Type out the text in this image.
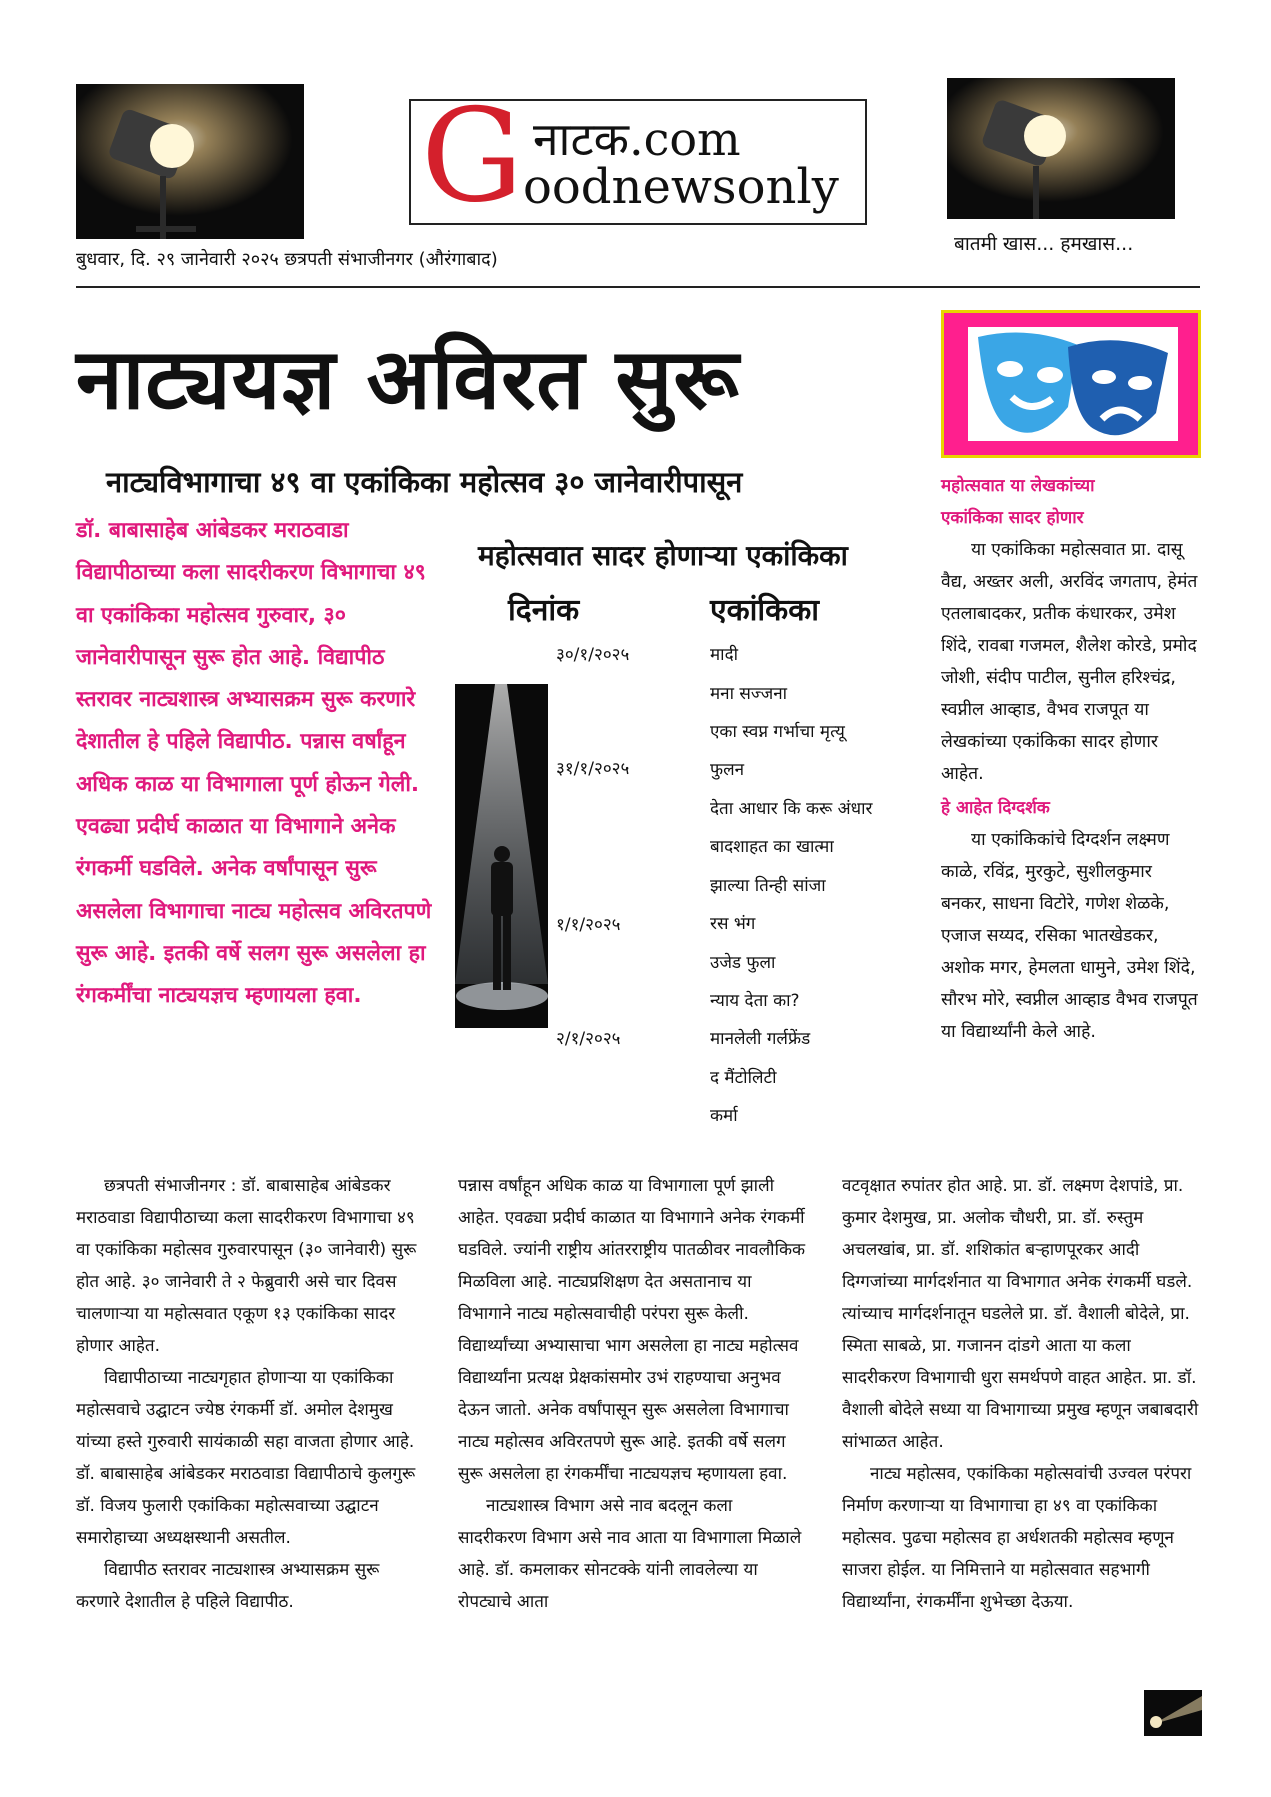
G नाटक.com
oodnewsonly
बुधवार, दि. २९ जानेवारी २०२५ छत्रपती संभाजीनगर (औरंगाबाद)
बातमी खास... हमखास...
नाट्ययज्ञ अविरत सुरू
नाट्यविभागाचा ४९ वा एकांकिका महोत्सव ३० जानेवारीपासून
डॉ. बाबासाहेब आंबेडकर मराठवाडा विद्यापीठाच्या कला सादरीकरण विभागाचा ४९ वा एकांकिका महोत्सव गुरुवार, ३० जानेवारीपासून सुरू होत आहे. विद्यापीठ स्तरावर नाट्यशास्त्र अभ्यासक्रम सुरू करणारे देशातील हे पहिले विद्यापीठ. पन्नास वर्षांहून अधिक काळ या विभागाला पूर्ण होऊन गेली. एवढ्या प्रदीर्घ काळात या विभागाने अनेक रंगकर्मी घडविले. अनेक वर्षांपासून सुरू असलेला विभागाचा नाट्य महोत्सव अविरतपणे सुरू आहे. इतकी वर्षे सलग सुरू असलेला हा रंगकर्मींचा नाट्ययज्ञच म्हणायला हवा.
महोत्सवात सादर होणाऱ्या एकांकिका
दिनांक	एकांकिका
३०/१/२०२५
३१/१/२०२५
१/१/२०२५
२/१/२०२५
मादी
मना सज्जना
एका स्वप्न गर्भाचा मृत्यू
फुलन
देता आधार कि करू अंधार
बादशाहत का खात्मा
झाल्या तिन्ही सांजा
रस भंग
उजेड फुला
न्याय देता का?
मानलेली गर्लफ्रेंड
द मैंटोलिटी
कर्मा
महोत्सवात या लेखकांच्या
एकांकिका सादर होणार
या एकांकिका महोत्सवात प्रा. दासू वैद्य, अख्तर अली, अरविंद जगताप, हेमंत एतलाबादकर, प्रतीक कंधारकर, उमेश शिंदे, रावबा गजमल, शैलेश कोरडे, प्रमोद जोशी, संदीप पाटील, सुनील हरिश्चंद्र, स्वप्नील आव्हाड, वैभव राजपूत या लेखकांच्या एकांकिका सादर होणार आहेत.
हे आहेत दिग्दर्शक
या एकांकिकांचे दिग्दर्शन लक्ष्मण काळे, रविंद्र, मुरकुटे, सुशीलकुमार बनकर, साधना विटोरे, गणेश शेळके, एजाज सय्यद, रसिका भातखेडकर, अशोक मगर, हेमलता धामुने, उमेश शिंदे, सौरभ मोरे, स्वप्नील आव्हाड वैभव राजपूत या विद्यार्थ्यांनी केले आहे.

छत्रपती संभाजीनगर : डॉ. बाबासाहेब आंबेडकर मराठवाडा विद्यापीठाच्या कला सादरीकरण विभागाचा ४९ वा एकांकिका महोत्सव गुरुवारपासून (३० जानेवारी) सुरू होत आहे. ३० जानेवारी ते २ फेब्रुवारी असे चार दिवस चालणाऱ्या या महोत्सवात एकूण १३ एकांकिका सादर होणार आहेत.

विद्यापीठाच्या नाट्यगृहात होणाऱ्या या एकांकिका महोत्सवाचे उद्घाटन ज्येष्ठ रंगकर्मी डॉ. अमोल देशमुख यांच्या हस्ते गुरुवारी सायंकाळी सहा वाजता होणार आहे. डॉ. बाबासाहेब आंबेडकर मराठवाडा विद्यापीठाचे कुलगुरू डॉ. विजय फुलारी एकांकिका महोत्सवाच्या उद्घाटन समारोहाच्या अध्यक्षस्थानी असतील.

विद्यापीठ स्तरावर नाट्यशास्त्र अभ्यासक्रम सुरू करणारे देशातील हे पहिले विद्यापीठ.

पन्नास वर्षांहून अधिक काळ या विभागाला पूर्ण झाली आहेत. एवढ्या प्रदीर्घ काळात या विभागाने अनेक रंगकर्मी घडविले. ज्यांनी राष्ट्रीय आंतरराष्ट्रीय पातळीवर नावलौकिक मिळविला आहे. नाट्यप्रशिक्षण देत असतानाच या विभागाने नाट्य महोत्सवाचीही परंपरा सुरू केली. विद्यार्थ्यांच्या अभ्यासाचा भाग असलेला हा नाट्य महोत्सव विद्यार्थ्यांना प्रत्यक्ष प्रेक्षकांसमोर उभं राहण्याचा अनुभव देऊन जातो. अनेक वर्षांपासून सुरू असलेला विभागाचा नाट्य महोत्सव अविरतपणे सुरू आहे. इतकी वर्षे सलग सुरू असलेला हा रंगकर्मींचा नाट्ययज्ञच म्हणायला हवा.

नाट्यशास्त्र विभाग असे नाव बदलून कला सादरीकरण विभाग असे नाव आता या विभागाला मिळाले आहे. डॉ. कमलाकर सोनटक्के यांनी लावलेल्या या रोपट्याचे आता

वटवृक्षात रुपांतर होत आहे. प्रा. डॉ. लक्ष्मण देशपांडे, प्रा. कुमार देशमुख, प्रा. अलोक चौधरी, प्रा. डॉ. रुस्तुम अचलखांब, प्रा. डॉ. शशिकांत बऱ्हाणपूरकर आदी दिग्गजांच्या मार्गदर्शनात या विभागात अनेक रंगकर्मी घडले. त्यांच्याच मार्गदर्शनातून घडलेले प्रा. डॉ. वैशाली बोदेले, प्रा. स्मिता साबळे, प्रा. गजानन दांडगे आता या कला सादरीकरण विभागाची धुरा समर्थपणे वाहत आहेत. प्रा. डॉ. वैशाली बोदेले सध्या या विभागाच्या प्रमुख म्हणून जबाबदारी सांभाळत आहेत.

नाट्य महोत्सव, एकांकिका महोत्सवांची उज्वल परंपरा निर्माण करणाऱ्या या विभागाचा हा ४९ वा एकांकिका महोत्सव. पुढचा महोत्सव हा अर्धशतकी महोत्सव म्हणून साजरा होईल. या निमित्ताने या महोत्सवात सहभागी विद्यार्थ्यांना, रंगकर्मींना शुभेच्छा देऊया.
